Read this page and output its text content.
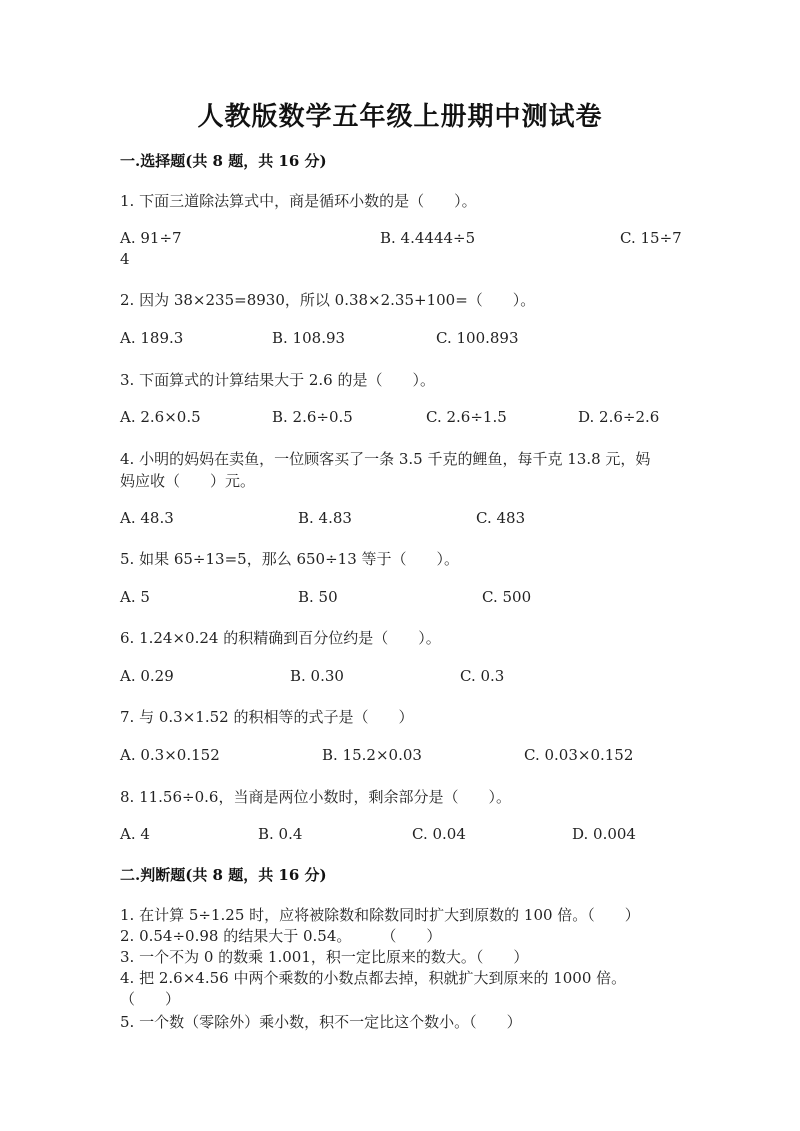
人教版数学五年级上册期中测试卷
一.选择题(共 8 题，共 16 分)
1. 下面三道除法算式中，商是循环小数的是（　　）。
A. 91÷7	B. 4.4444÷5	C. 15÷7
4
2. 因为 38×235=8930，所以 0.38×2.35+100=（　　）。
A. 189.3	B. 108.93	C. 100.893
3. 下面算式的计算结果大于 2.6 的是（　　）。
A. 2.6×0.5	B. 2.6÷0.5	C. 2.6÷1.5	D. 2.6÷2.6
4. 小明的妈妈在卖鱼，一位顾客买了一条 3.5 千克的鲤鱼，每千克 13.8 元，妈
妈应收（　　）元。
A. 48.3	B. 4.83	C. 483
5. 如果 65÷13=5，那么 650÷13 等于（　　）。
A. 5	B. 50	C. 500
6. 1.24×0.24 的积精确到百分位约是（　　）。
A. 0.29	B. 0.30	C. 0.3
7. 与 0.3×1.52 的积相等的式子是（　　）
A. 0.3×0.152	B. 15.2×0.03	C. 0.03×0.152
8. 11.56÷0.6，当商是两位小数时，剩余部分是（　　）。
A. 4	B. 0.4	C. 0.04	D. 0.004
二.判断题(共 8 题，共 16 分)
1. 在计算 5÷1.25 时，应将被除数和除数同时扩大到原数的 100 倍。（　　）
2. 0.54÷0.98 的结果大于 0.54。　　　（　　）
3. 一个不为 0 的数乘 1.001，积一定比原来的数大。（　　）
4. 把 2.6×4.56 中两个乘数的小数点都去掉，积就扩大到原来的 1000 倍。
（　　）
5. 一个数（零除外）乘小数，积不一定比这个数小。（　　）
